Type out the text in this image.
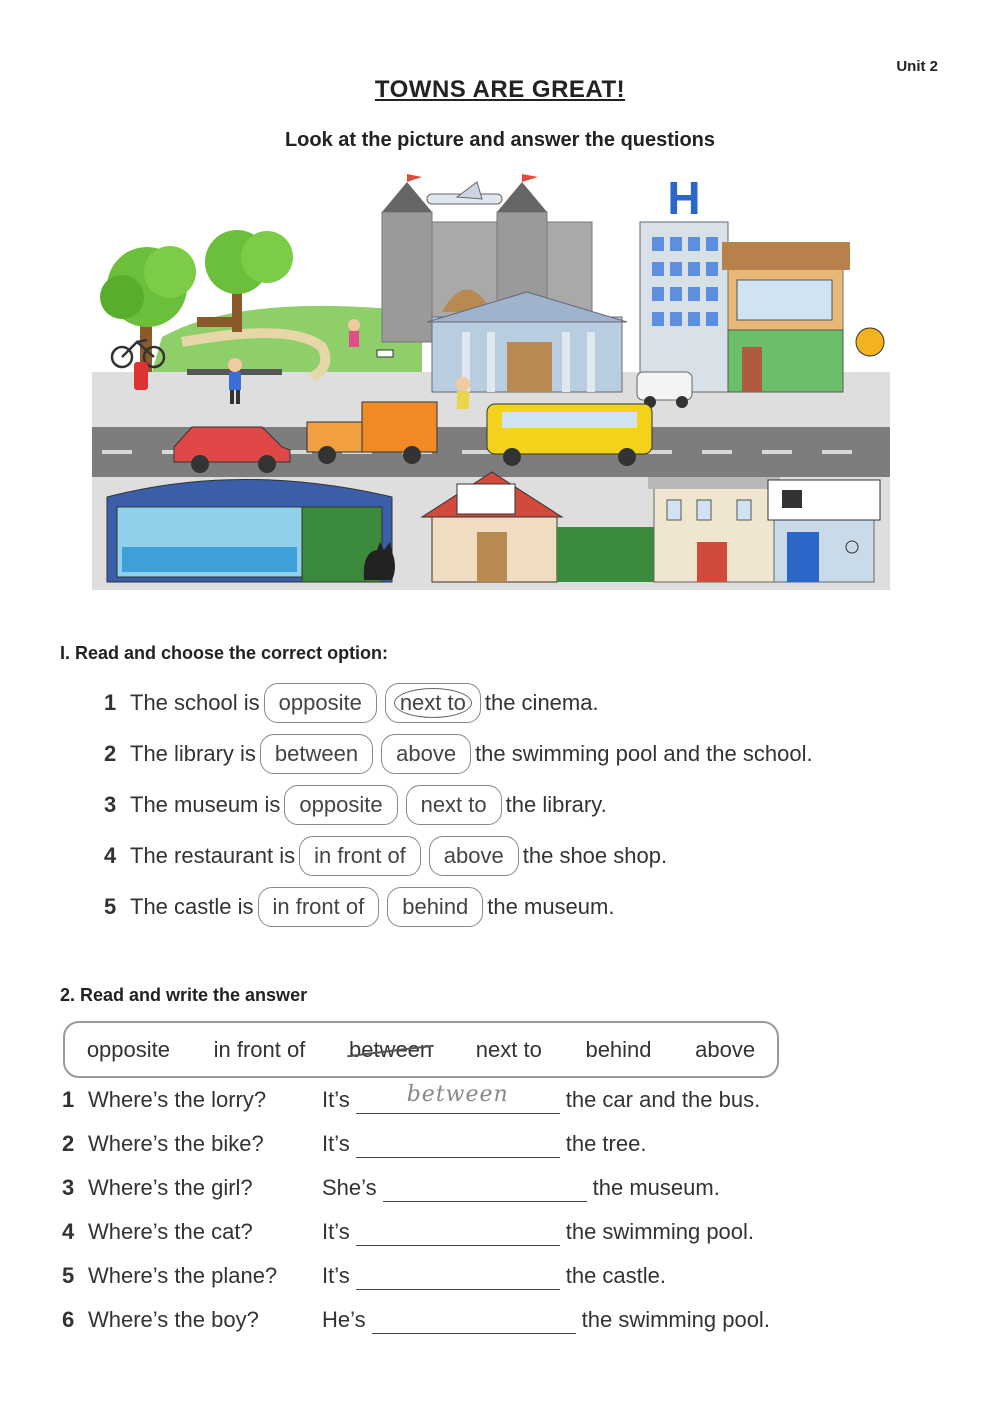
Unit 2
TOWNS ARE GREAT!
Look at the picture and answer the questions
H
I. Read and choose the correct option:
1 The school is opposite	next to the cinema.
2 The library is between	above the swimming pool and the school.
3 The museum is opposite	next to the library.
4 The restaurant is in front of	above the shoe shop.
5 The castle is in front of	behind the museum.
2. Read and write the answer
opposite in front of between next to behind above
1 Where’s the lorry?	It’s	between	the car and the bus.
2 Where’s the bike?	It’s	the tree.
3 Where’s the girl?	She’s	the museum.
4 Where’s the cat?	It’s	the swimming pool.
5 Where’s the plane?	It’s	the castle.
6 Where’s the boy?	He’s	the swimming pool.
